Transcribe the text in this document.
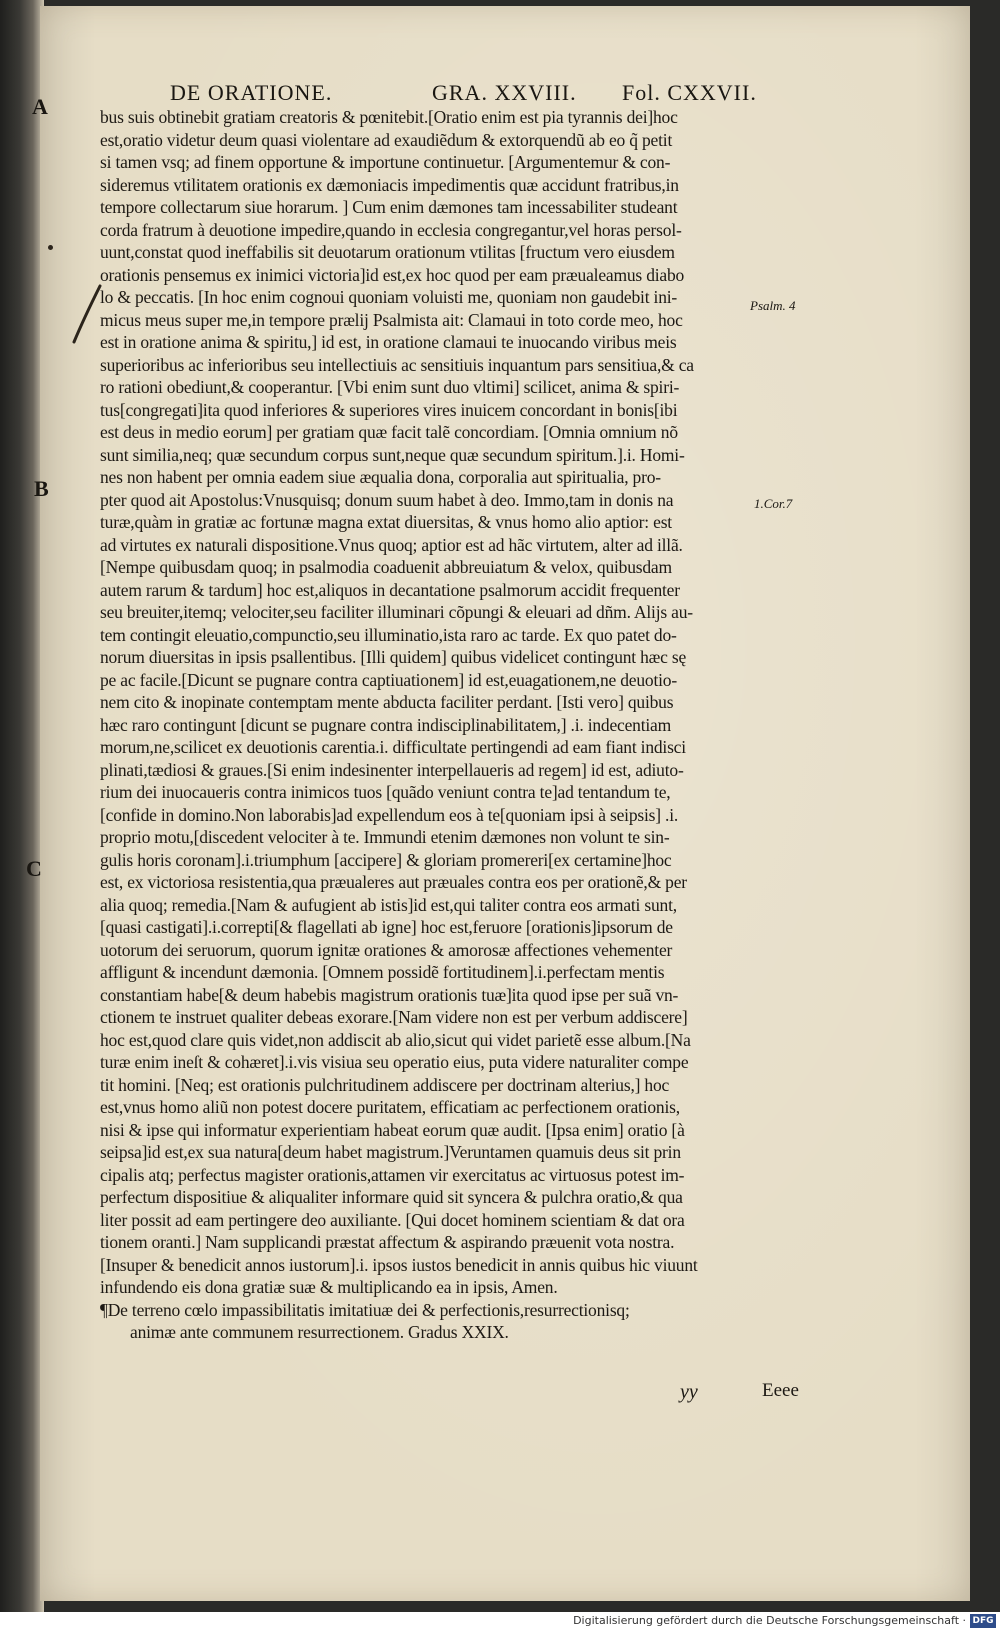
DE ORATIONE.	GRA. XXVIII. Fol. CXXVII.
A
B
C
Psalm. 4
1.Cor.7
bus suis obtinebit gratiam creatoris & pœnitebit.[Oratio enim est pia tyrannis dei]hoc
est,oratio videtur deum quasi violentare ad exaudiẽdum & extorquendũ ab eo q̃ petit
si tamen vsq; ad finem opportune & importune continuetur. [Argumentemur & con-
sideremus vtilitatem orationis ex dæmoniacis impedimentis quæ accidunt fratribus,in
tempore collectarum siue horarum. ] Cum enim dæmones tam incessabiliter studeant
corda fratrum à deuotione impedire,quando in ecclesia congregantur,vel horas persol-
uunt,constat quod ineffabilis sit deuotarum orationum vtilitas [fructum vero eiusdem
orationis pensemus ex inimici victoria]id est,ex hoc quod per eam præualeamus diabo
lo & peccatis. [In hoc enim cognoui quoniam voluisti me, quoniam non gaudebit ini-
micus meus super me,in tempore prælij Psalmista ait: Clamaui in toto corde meo, hoc
est in oratione anima & spiritu,] id est, in oratione clamaui te inuocando viribus meis
superioribus ac inferioribus seu intellectiuis ac sensitiuis inquantum pars sensitiua,& ca
ro rationi obediunt,& cooperantur. [Vbi enim sunt duo vltimi] scilicet, anima & spiri-
tus[congregati]ita quod inferiores & superiores vires inuicem concordant in bonis[ibi
est deus in medio eorum] per gratiam quæ facit talẽ concordiam. [Omnia omnium nõ
sunt similia,neq; quæ secundum corpus sunt,neque quæ secundum spiritum.].i. Homi-
nes non habent per omnia eadem siue æqualia dona, corporalia aut spiritualia, pro-
pter quod ait Apostolus:Vnusquisq; donum suum habet à deo. Immo,tam in donis na
turæ,quàm in gratiæ ac fortunæ magna extat diuersitas, & vnus homo alio aptior: est
ad virtutes ex naturali dispositione.Vnus quoq; aptior est ad hãc virtutem, alter ad illã.
[Nempe quibusdam quoq; in psalmodia coaduenit abbreuiatum & velox, quibusdam
autem rarum & tardum] hoc est,aliquos in decantatione psalmorum accidit frequenter
seu breuiter,itemq; velociter,seu faciliter illuminari cõpungi & eleuari ad dñm. Alijs au-
tem contingit eleuatio,compunctio,seu illuminatio,ista raro ac tarde. Ex quo patet do-
norum diuersitas in ipsis psallentibus. [Illi quidem] quibus videlicet contingunt hæc sę
pe ac facile.[Dicunt se pugnare contra captiuationem] id est,euagationem,ne deuotio-
nem cito & inopinate contemptam mente abducta faciliter perdant. [Isti vero] quibus
hæc raro contingunt [dicunt se pugnare contra indisciplinabilitatem,] .i. indecentiam
morum,ne,scilicet ex deuotionis carentia.i. difficultate pertingendi ad eam fiant indisci
plinati,tædiosi & graues.[Si enim indesinenter interpellaueris ad regem] id est, adiuto-
rium dei inuocaueris contra inimicos tuos [quãdo veniunt contra te]ad tentandum te,
[confide in domino.Non laborabis]ad expellendum eos à te[quoniam ipsi à seipsis] .i.
proprio motu,[discedent velociter à te. Immundi etenim dæmones non volunt te sin-
gulis horis coronam].i.triumphum [accipere] & gloriam promereri[ex certamine]hoc
est, ex victoriosa resistentia,qua præualeres aut præuales contra eos per orationẽ,& per
alia quoq; remedia.[Nam & aufugient ab istis]id est,qui taliter contra eos armati sunt,
[quasi castigati].i.correpti[& flagellati ab igne] hoc est,feruore [orationis]ipsorum de
uotorum dei seruorum, quorum ignitæ orationes & amorosæ affectiones vehementer
affligunt & incendunt dæmonia. [Omnem possidẽ fortitudinem].i.perfectam mentis
constantiam habe[& deum habebis magistrum orationis tuæ]ita quod ipse per suã vn-
ctionem te instruet qualiter debeas exorare.[Nam videre non est per verbum addiscere]
hoc est,quod clare quis videt,non addiscit ab alio,sicut qui videt parietẽ esse album.[Na
turæ enim ineſt & cohæret].i.vis visiua seu operatio eius, puta videre naturaliter compe
tit homini. [Neq; est orationis pulchritudinem addiscere per doctrinam alterius,] hoc
est,vnus homo aliũ non potest docere puritatem, efficatiam ac perfectionem orationis,
nisi & ipse qui informatur experientiam habeat eorum quæ audit. [Ipsa enim] oratio [à
seipsa]id est,ex sua natura[deum habet magistrum.]Veruntamen quamuis deus sit prin
cipalis atq; perfectus magister orationis,attamen vir exercitatus ac virtuosus potest im-
perfectum dispositiue & aliqualiter informare quid sit syncera & pulchra oratio,& qua
liter possit ad eam pertingere deo auxiliante. [Qui docet hominem scientiam & dat ora
tionem oranti.] Nam supplicandi præstat affectum & aspirando præuenit vota nostra.
[Insuper & benedicit annos iustorum].i. ipsos iustos benedicit in annis quibus hic viuunt
infundendo eis dona gratiæ suæ & multiplicando ea in ipsis, Amen.
¶De terreno cœlo impassibilitatis imitatiuæ dei & perfectionis,resurrectionisq;
animæ ante communem resurrectionem. Gradus XXIX.
yy	Eeee
Digitalisierung gefördert durch die Deutsche Forschungsgemeinschaft · DFG
